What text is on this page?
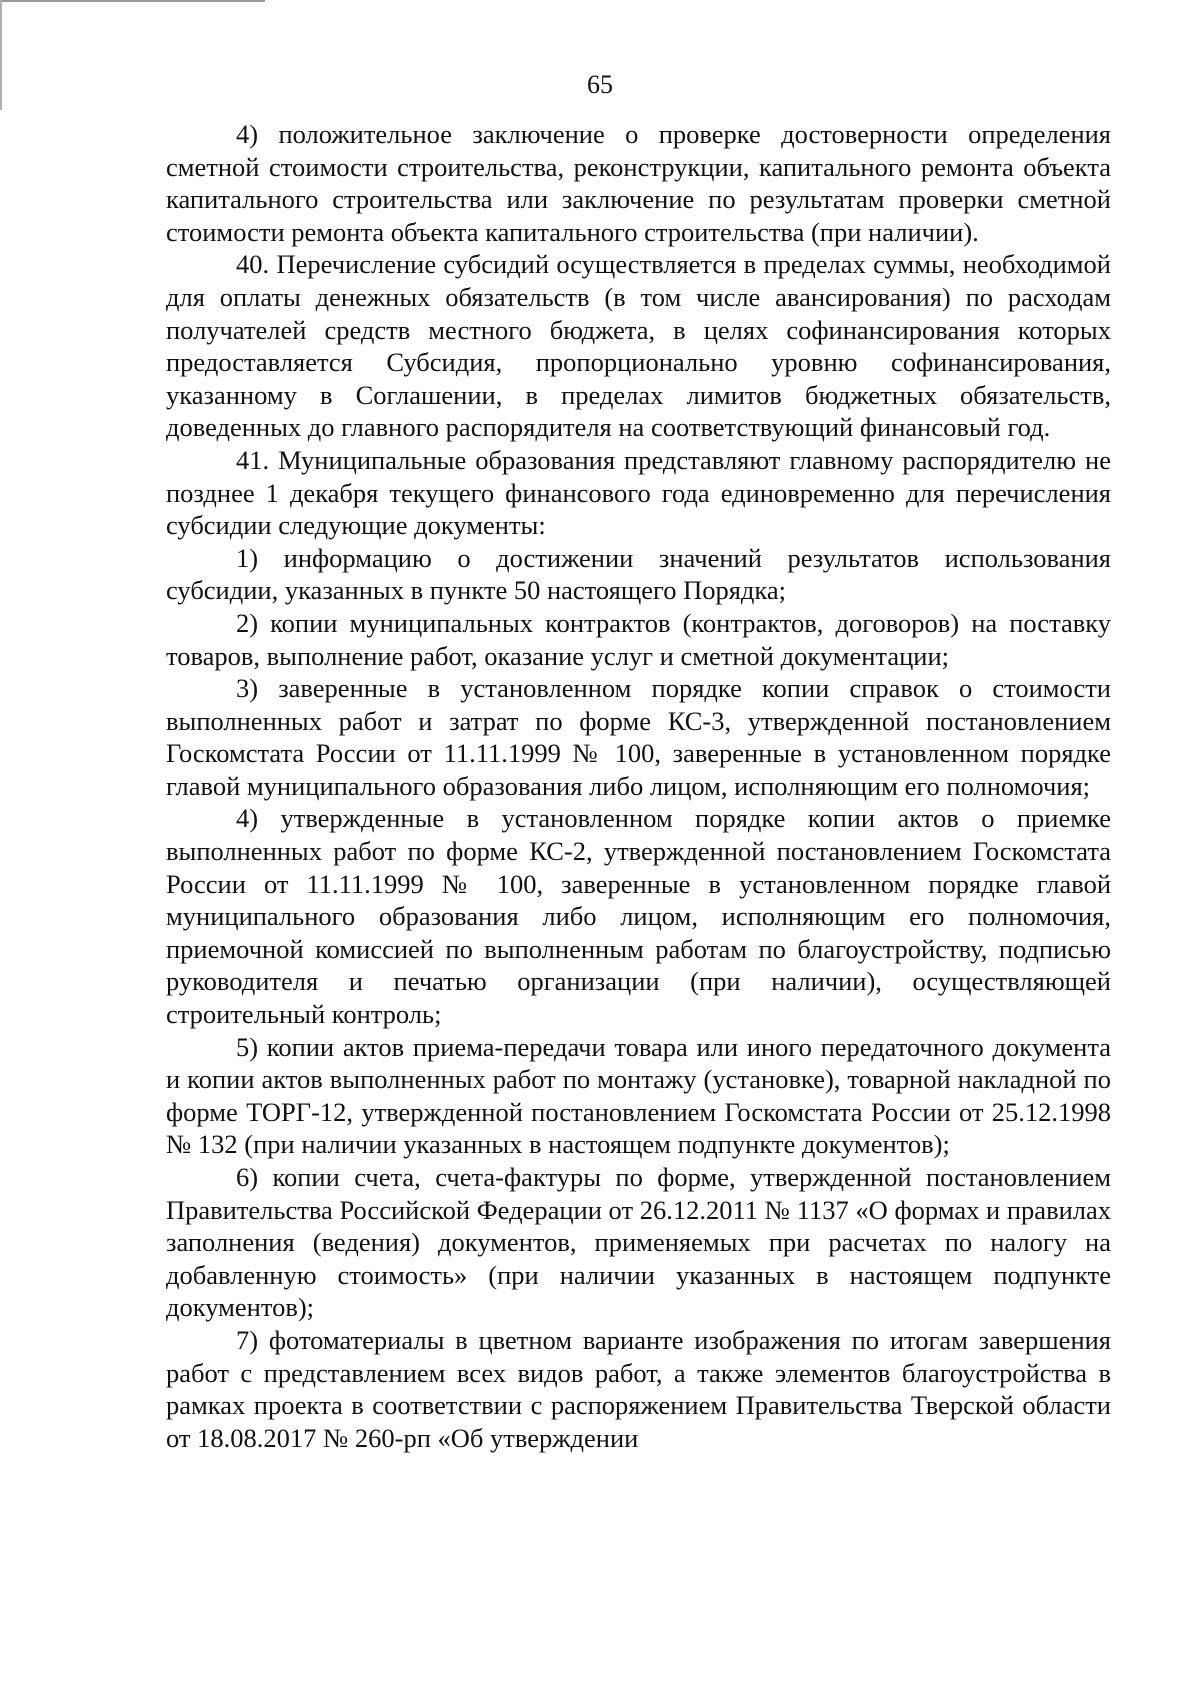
65

4) положительное заключение о проверке достоверности определения сметной стоимости строительства, реконструкции, капитального ремонта объекта капитального строительства или заключение по результатам проверки сметной стоимости ремонта объекта капитального строительства (при наличии).

40. Перечисление субсидий осуществляется в пределах суммы, необходимой для оплаты денежных обязательств (в том числе авансирования) по расходам получателей средств местного бюджета, в целях софинансирования которых предоставляется Субсидия, пропорционально уровню софинансирования, указанному в Соглашении, в пределах лимитов бюджетных обязательств, доведенных до главного распорядителя на соответствующий финансовый год.

41. Муниципальные образования представляют главному распорядителю не позднее 1 декабря текущего финансового года единовременно для перечисления субсидии следующие документы:

1) информацию о достижении значений результатов использования субсидии, указанных в пункте 50 настоящего Порядка;

2) копии муниципальных контрактов (контрактов, договоров) на поставку товаров, выполнение работ, оказание услуг и сметной документации;

3) заверенные в установленном порядке копии справок о стоимости выполненных работ и затрат по форме КС-3, утвержденной постановлением Госкомстата России от 11.11.1999 № 100, заверенные в установленном порядке главой муниципального образования либо лицом, исполняющим его полномочия;

4) утвержденные в установленном порядке копии актов о приемке выполненных работ по форме КС-2, утвержденной постановлением Госкомстата России от 11.11.1999 № 100, заверенные в установленном порядке главой муниципального образования либо лицом, исполняющим его полномочия, приемочной комиссией по выполненным работам по благоустройству, подписью руководителя и печатью организации (при наличии), осуществляющей строительный контроль;

5) копии актов приема-передачи товара или иного передаточного документа и копии актов выполненных работ по монтажу (установке), товарной накладной по форме ТОРГ-12, утвержденной постановлением Госкомстата России от 25.12.1998 № 132 (при наличии указанных в настоящем подпункте документов);

6) копии счета, счета-фактуры по форме, утвержденной постановлением Правительства Российской Федерации от 26.12.2011 № 1137 «О формах и правилах заполнения (ведения) документов, применяемых при расчетах по налогу на добавленную стоимость» (при наличии указанных в настоящем подпункте документов);

7) фотоматериалы в цветном варианте изображения по итогам завершения работ с представлением всех видов работ, а также элементов благоустройства в рамках проекта в соответствии с распоряжением Правительства Тверской области от 18.08.2017 № 260-рп «Об утверждении
